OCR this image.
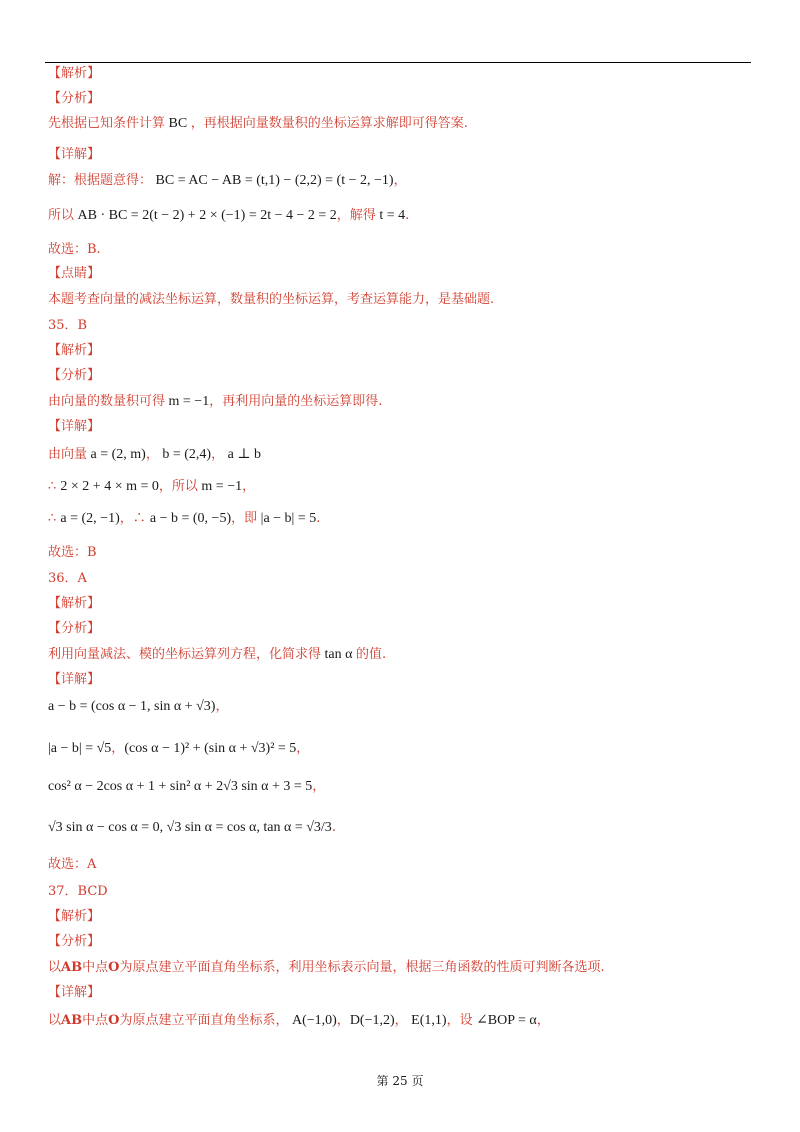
【解析】
【分析】
先根据已知条件计算 BC ，再根据向量数量积的坐标运算求解即可得答案.
【详解】
解：根据题意得： BC = AC − AB = (t,1) − (2,2) = (t − 2, −1)，
所以 AB · BC = 2(t − 2) + 2 × (−1) = 2t − 4 − 2 = 2，解得 t = 4.
故选：B.
【点睛】
本题考查向量的减法坐标运算，数量积的坐标运算，考查运算能力，是基础题.
35．B
【解析】
【分析】
由向量的数量积可得 m = −1，再利用向量的坐标运算即得.
【详解】
由向量 a = (2, m)， b = (2,4)， a ⊥ b
∴ 2 × 2 + 4 × m = 0，所以 m = −1，
∴ a = (2, −1)，∴ a − b = (0, −5)，即 |a − b| = 5.
故选：B
36．A
【解析】
【分析】
利用向量减法、模的坐标运算列方程，化简求得 tan α 的值.
【详解】
a − b = (cos α − 1, sin α + √3)，
|a − b| = √5，(cos α − 1)² + (sin α + √3)² = 5，
cos² α − 2cos α + 1 + sin² α + 2√3 sin α + 3 = 5，
√3 sin α − cos α = 0, √3 sin α = cos α, tan α = √3/3.
故选：A
37．BCD
【解析】
【分析】
以AB中点O为原点建立平面直角坐标系，利用坐标表示向量，根据三角函数的性质可判断各选项.
【详解】
以AB中点O为原点建立平面直角坐标系， A(−1,0)，D(−1,2)， E(1,1)，设 ∠BOP = α，
第 25 页
